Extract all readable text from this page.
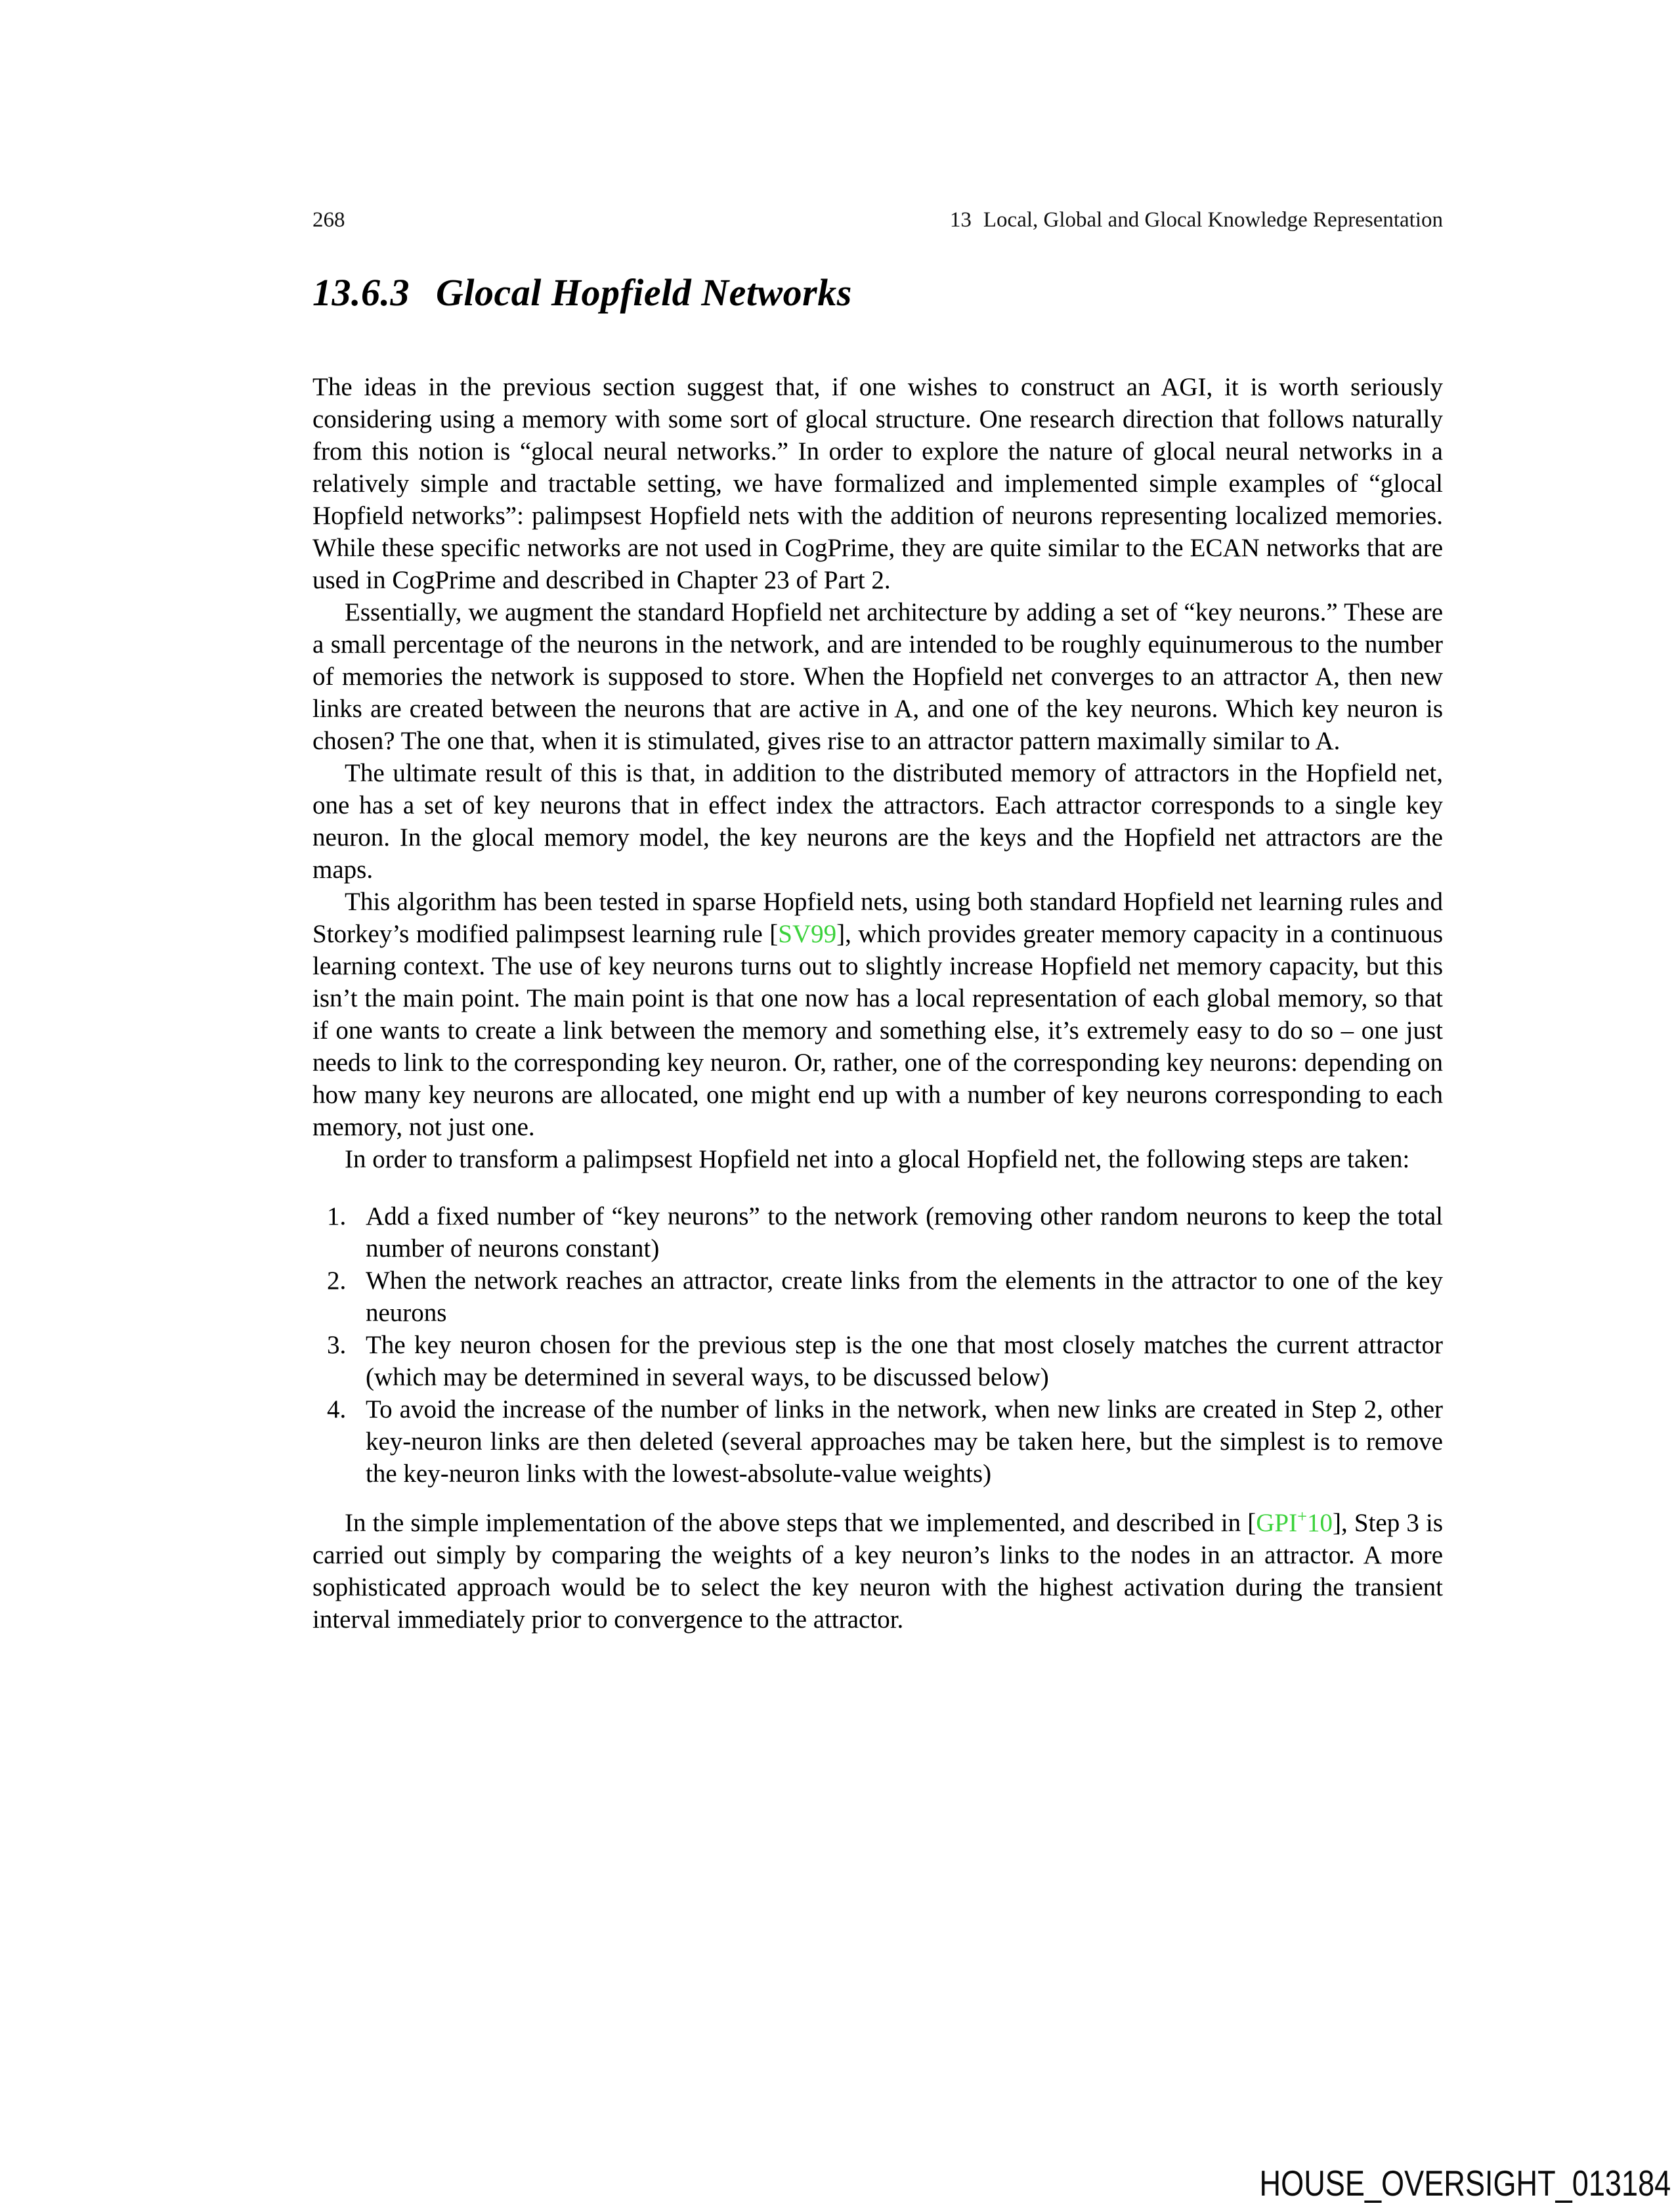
268	13 Local, Global and Glocal Knowledge Representation
13.6.3 Glocal Hopfield Networks

The ideas in the previous section suggest that, if one wishes to construct an AGI, it is worth seriously considering using a memory with some sort of glocal structure. One research direction that follows naturally from this notion is “glocal neural networks.” In order to explore the nature of glocal neural networks in a relatively simple and tractable setting, we have formalized and implemented simple examples of “glocal Hopfield networks”: palimpsest Hopfield nets with the addition of neurons representing localized memories. While these specific networks are not used in CogPrime, they are quite similar to the ECAN networks that are used in CogPrime and described in Chapter 23 of Part 2.

Essentially, we augment the standard Hopfield net architecture by adding a set of “key neurons.” These are a small percentage of the neurons in the network, and are intended to be roughly equinumerous to the number of memories the network is supposed to store. When the Hopfield net converges to an attractor A, then new links are created between the neurons that are active in A, and one of the key neurons. Which key neuron is chosen? The one that, when it is stimulated, gives rise to an attractor pattern maximally similar to A.

The ultimate result of this is that, in addition to the distributed memory of attractors in the Hopfield net, one has a set of key neurons that in effect index the attractors. Each attractor corresponds to a single key neuron. In the glocal memory model, the key neurons are the keys and the Hopfield net attractors are the maps.

This algorithm has been tested in sparse Hopfield nets, using both standard Hopfield net learning rules and Storkey’s modified palimpsest learning rule [SV99], which provides greater memory capacity in a continuous learning context. The use of key neurons turns out to slightly increase Hopfield net memory capacity, but this isn’t the main point. The main point is that one now has a local representation of each global memory, so that if one wants to create a link between the memory and something else, it’s extremely easy to do so – one just needs to link to the corresponding key neuron. Or, rather, one of the corresponding key neurons: depending on how many key neurons are allocated, one might end up with a number of key neurons corresponding to each memory, not just one.

In order to transform a palimpsest Hopfield net into a glocal Hopfield net, the following steps are taken:

1. Add a fixed number of “key neurons” to the network (removing other random neurons to keep the total number of neurons constant)
2. When the network reaches an attractor, create links from the elements in the attractor to one of the key neurons
3. The key neuron chosen for the previous step is the one that most closely matches the current attractor (which may be determined in several ways, to be discussed below)
4. To avoid the increase of the number of links in the network, when new links are created in Step 2, other key-neuron links are then deleted (several approaches may be taken here, but the simplest is to remove the key-neuron links with the lowest-absolute-value weights)

In the simple implementation of the above steps that we implemented, and described in [GPI+10], Step 3 is carried out simply by comparing the weights of a key neuron’s links to the nodes in an attractor. A more sophisticated approach would be to select the key neuron with the highest activation during the transient interval immediately prior to convergence to the attractor.

HOUSE_OVERSIGHT_013184
